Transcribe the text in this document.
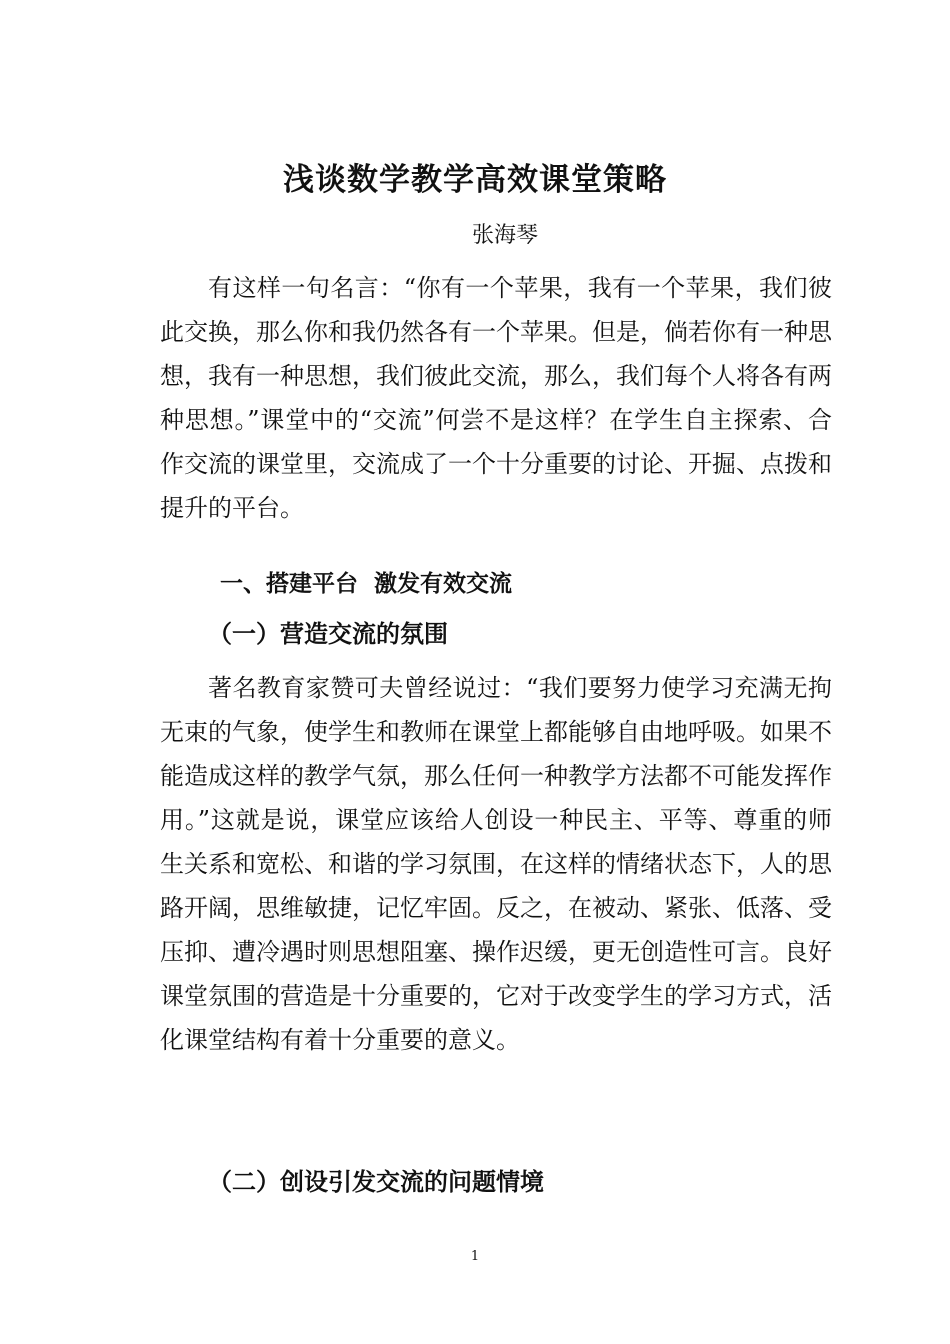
浅谈数学教学高效课堂策略

张海琴

有这样一句名言：“你有一个苹果，我有一个苹果，我们彼此交换，那么你和我仍然各有一个苹果。但是，倘若你有一种思想，我有一种思想，我们彼此交流，那么，我们每个人将各有两种思想。”课堂中的“交流”何尝不是这样？在学生自主探索、合作交流的课堂里，交流成了一个十分重要的讨论、开掘、点拨和提升的平台。

一、搭建平台  激发有效交流
（一）营造交流的氛围

著名教育家赞可夫曾经说过：“我们要努力使学习充满无拘无束的气象，使学生和教师在课堂上都能够自由地呼吸。如果不能造成这样的教学气氛，那么任何一种教学方法都不可能发挥作用。”这就是说，课堂应该给人创设一种民主、平等、尊重的师生关系和宽松、和谐的学习氛围，在这样的情绪状态下，人的思路开阔，思维敏捷，记忆牢固。反之，在被动、紧张、低落、受压抑、遭冷遇时则思想阻塞、操作迟缓，更无创造性可言。良好课堂氛围的营造是十分重要的，它对于改变学生的学习方式，活化课堂结构有着十分重要的意义。

（二）创设引发交流的问题情境

1
